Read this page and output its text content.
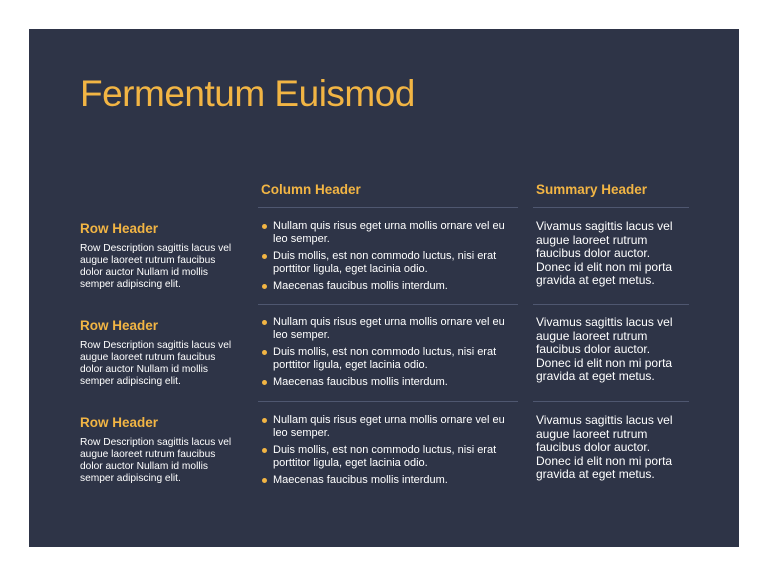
Fermentum Euismod
Column Header	Summary Header
Row Header
Row Description sagittis lacus vel augue laoreet rutrum faucibus dolor auctor Nullam id mollis semper adipiscing elit.
Nullam quis risus eget urna mollis ornare vel eu leo semper.
Duis mollis, est non commodo luctus, nisi erat porttitor ligula, eget lacinia odio.
Maecenas faucibus mollis interdum.
Vivamus sagittis lacus vel augue laoreet rutrum faucibus dolor auctor. Donec id elit non mi porta gravida at eget metus.
Row Header
Row Description sagittis lacus vel augue laoreet rutrum faucibus dolor auctor Nullam id mollis semper adipiscing elit.
Nullam quis risus eget urna mollis ornare vel eu leo semper.
Duis mollis, est non commodo luctus, nisi erat porttitor ligula, eget lacinia odio.
Maecenas faucibus mollis interdum.
Vivamus sagittis lacus vel augue laoreet rutrum faucibus dolor auctor. Donec id elit non mi porta gravida at eget metus.
Row Header
Row Description sagittis lacus vel augue laoreet rutrum faucibus dolor auctor Nullam id mollis semper adipiscing elit.
Nullam quis risus eget urna mollis ornare vel eu leo semper.
Duis mollis, est non commodo luctus, nisi erat porttitor ligula, eget lacinia odio.
Maecenas faucibus mollis interdum.
Vivamus sagittis lacus vel augue laoreet rutrum faucibus dolor auctor. Donec id elit non mi porta gravida at eget metus.
